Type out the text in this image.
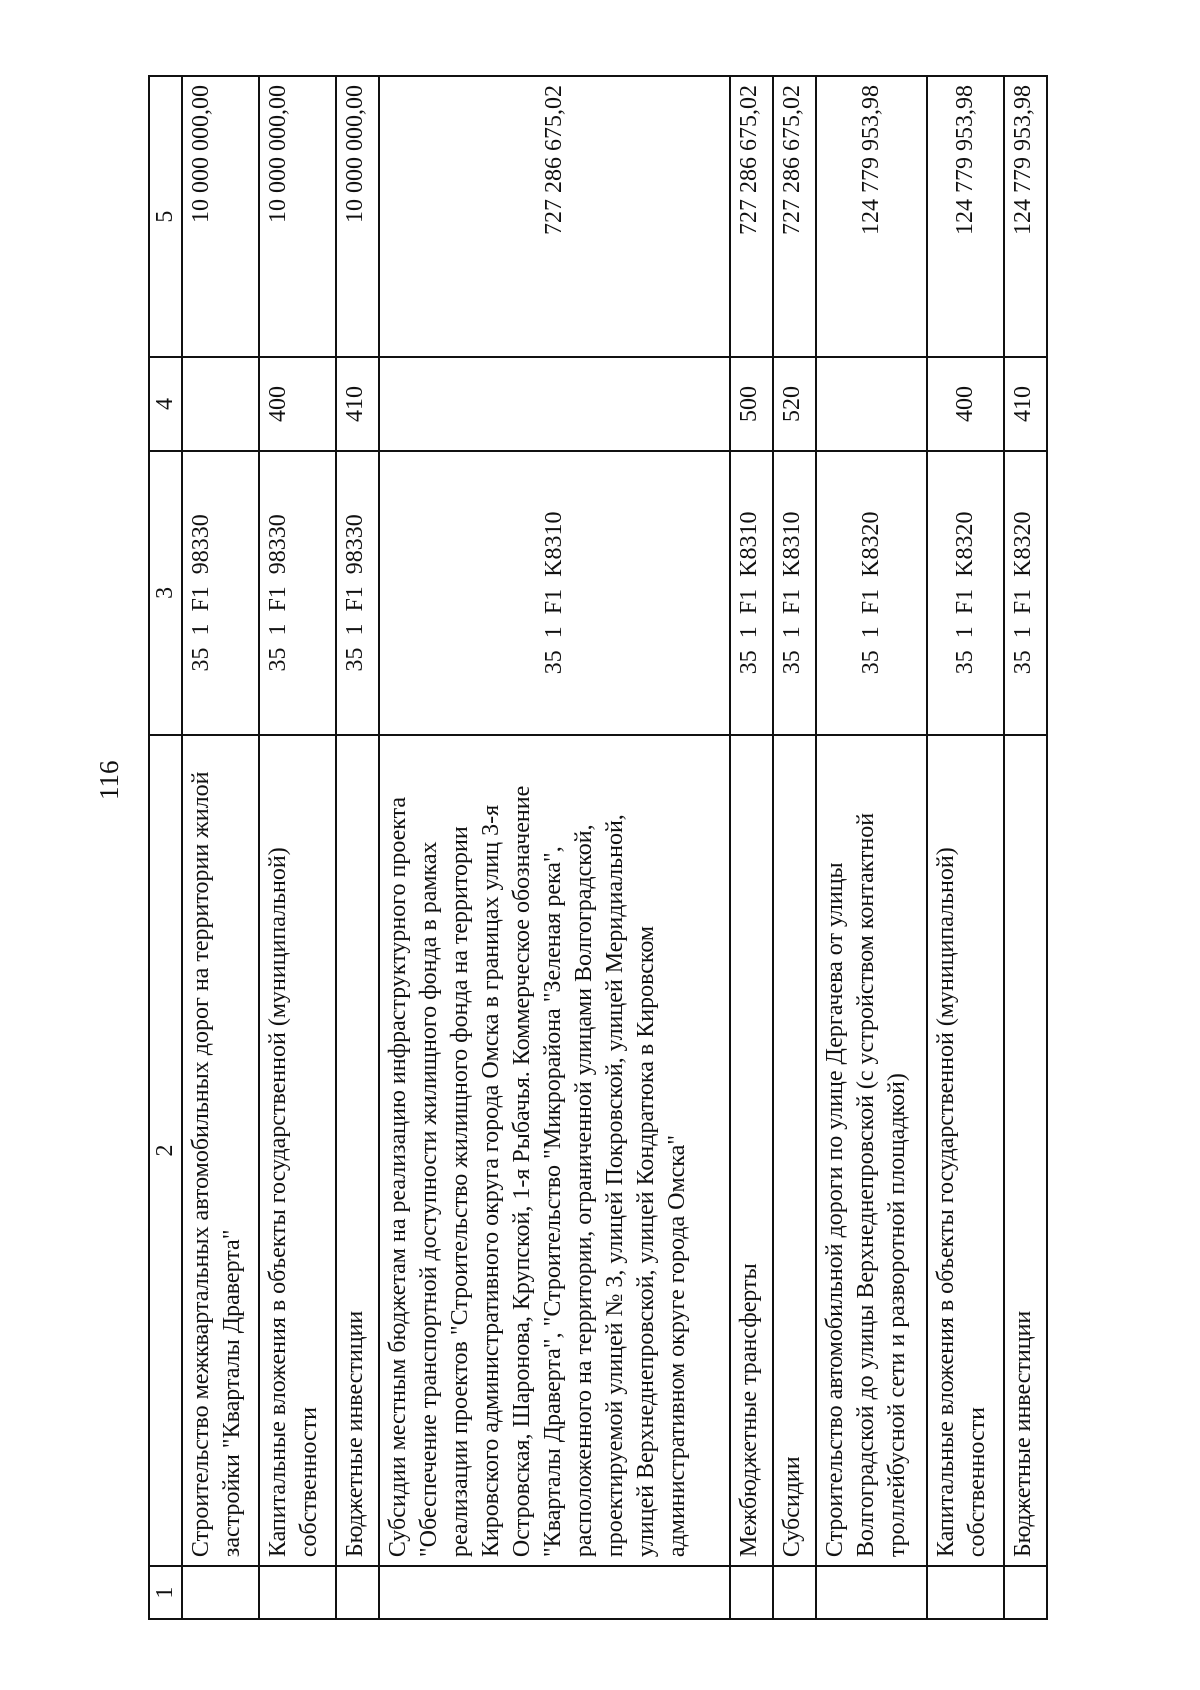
116
1	2	3	4	5
	Строительство межквартальных автомобильных дорог на территории жилой застройки "Кварталы Драверта"	35  1  F1  98330		10 000 000,00
	Капитальные вложения в объекты государственной (муниципальной) собственности	35  1  F1  98330	400	10 000 000,00
	Бюджетные инвестиции	35  1  F1  98330	410	10 000 000,00
	Субсидии местным бюджетам на реализацию инфраструктурного проекта "Обеспечение транспортной доступности жилищного фонда в рамках реализации проектов "Строительство жилищного фонда на территории Кировского административного округа города Омска в границах улиц 3-я Островская, Шаронова, Крупской, 1-я Рыбачья. Коммерческое обозначение "Кварталы Драверта", "Строительство "Микрорайона "Зеленая река", расположенного на территории, ограниченной улицами Волгоградской, проектируемой улицей № 3, улицей Покровской, улицей Меридиальной, улицей Верхнеднепровской, улицей Кондратюка в Кировском административном округе города Омска"	35  1  F1  K8310		727 286 675,02
	Межбюджетные трансферты	35  1  F1  K8310	500	727 286 675,02
	Субсидии	35  1  F1  K8310	520	727 286 675,02
	Строительство автомобильной дороги по улице Дергачева от улицы Волгоградской до улицы Верхнеднепровской (с устройством контактной троллейбусной сети и разворотной площадкой)	35  1  F1  K8320		124 779 953,98
	Капитальные вложения в объекты государственной (муниципальной) собственности	35  1  F1  K8320	400	124 779 953,98
	Бюджетные инвестиции	35  1  F1  K8320	410	124 779 953,98
